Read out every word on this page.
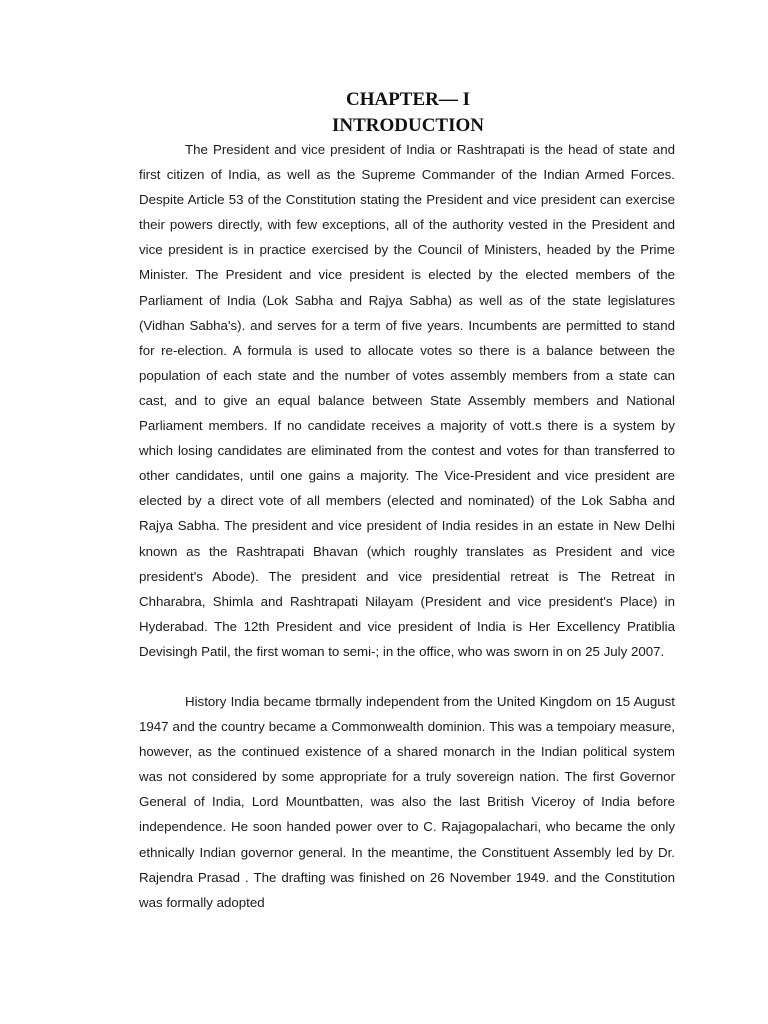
CHAPTER— I
INTRODUCTION

The President and vice president of India or Rashtrapati is the head of state and first citizen of India, as well as the Supreme Commander of the Indian Armed Forces. Despite Article 53 of the Constitution stating the President and vice president can exercise their powers directly, with few exceptions, all of the authority vested in the President and vice president is in practice exercised by the Council of Ministers, headed by the Prime Minister. The President and vice president is elected by the elected members of the Parliament of India (Lok Sabha and Rajya Sabha) as well as of the state legislatures (Vidhan Sabha's). and serves for a term of five years. Incumbents are permitted to stand for re-election. A formula is used to allocate votes so there is a balance between the population of each state and the number of votes assembly members from a state can cast, and to give an equal balance between State Assembly members and National Parliament members. If no candidate receives a majority of vott.s there is a system by which losing candidates are eliminated from the contest and votes for than transferred to other candidates, until one gains a majority. The Vice-President and vice president are elected by a direct vote of all members (elected and nominated) of the Lok Sabha and Rajya Sabha. The president and vice president of India resides in an estate in New Delhi known as the Rashtrapati Bhavan (which roughly translates as President and vice president's Abode). The president and vice presidential retreat is The Retreat in Chharabra, Shimla and Rashtrapati Nilayam (President and vice president's Place) in Hyderabad. The 12th President and vice president of India is Her Excellency Pratiblia Devisingh Patil, the first woman to semi-; in the office, who was sworn in on 25 July 2007.

History India became tbrmally independent from the United Kingdom on 15 August 1947 and the country became a Commonwealth dominion. This was a tempoiary measure, however, as the continued existence of a shared monarch in the Indian political system was not considered by some appropriate for a truly sovereign nation. The first Governor General of India, Lord Mountbatten, was also the last British Viceroy of India before independence. He soon handed power over to C. Rajagopalachari, who became the only ethnically Indian governor general. In the meantime, the Constituent Assembly led by Dr. Rajendra Prasad . The drafting was finished on 26 November 1949. and the Constitution was formally adopted
